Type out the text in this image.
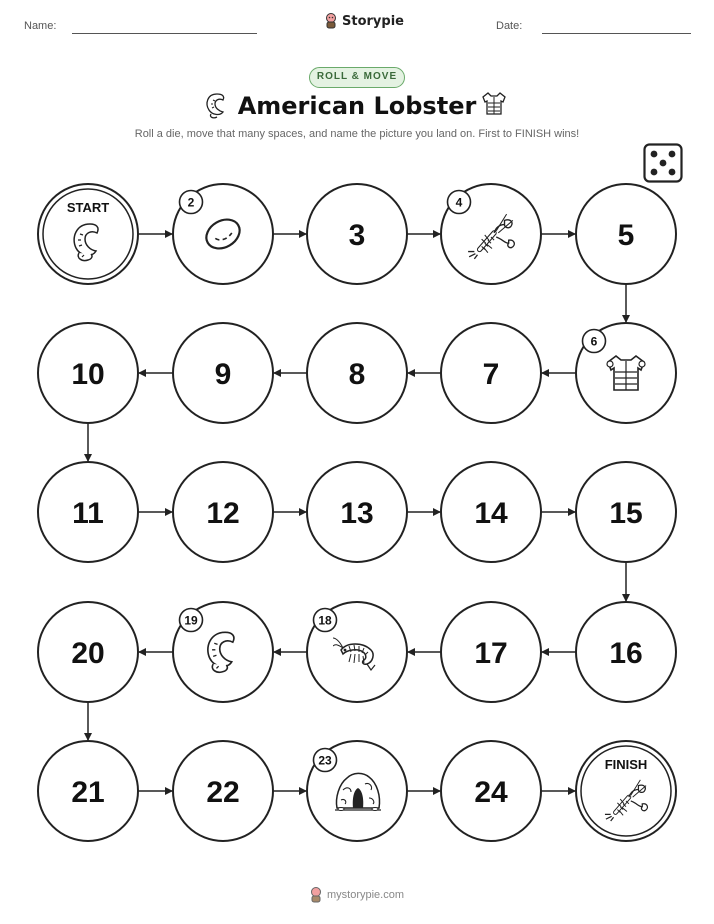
Name:	Storypie	Date:
ROLL & MOVE
American Lobster
Roll a die, move that many spaces, and name the picture you land on. First to FINISH wins!
START	2
3
4
5
6
7
8
9
10
11	12	13	14	15
16
17
18
19
20
21	22
23
24
FINISH
mystorypie.com
